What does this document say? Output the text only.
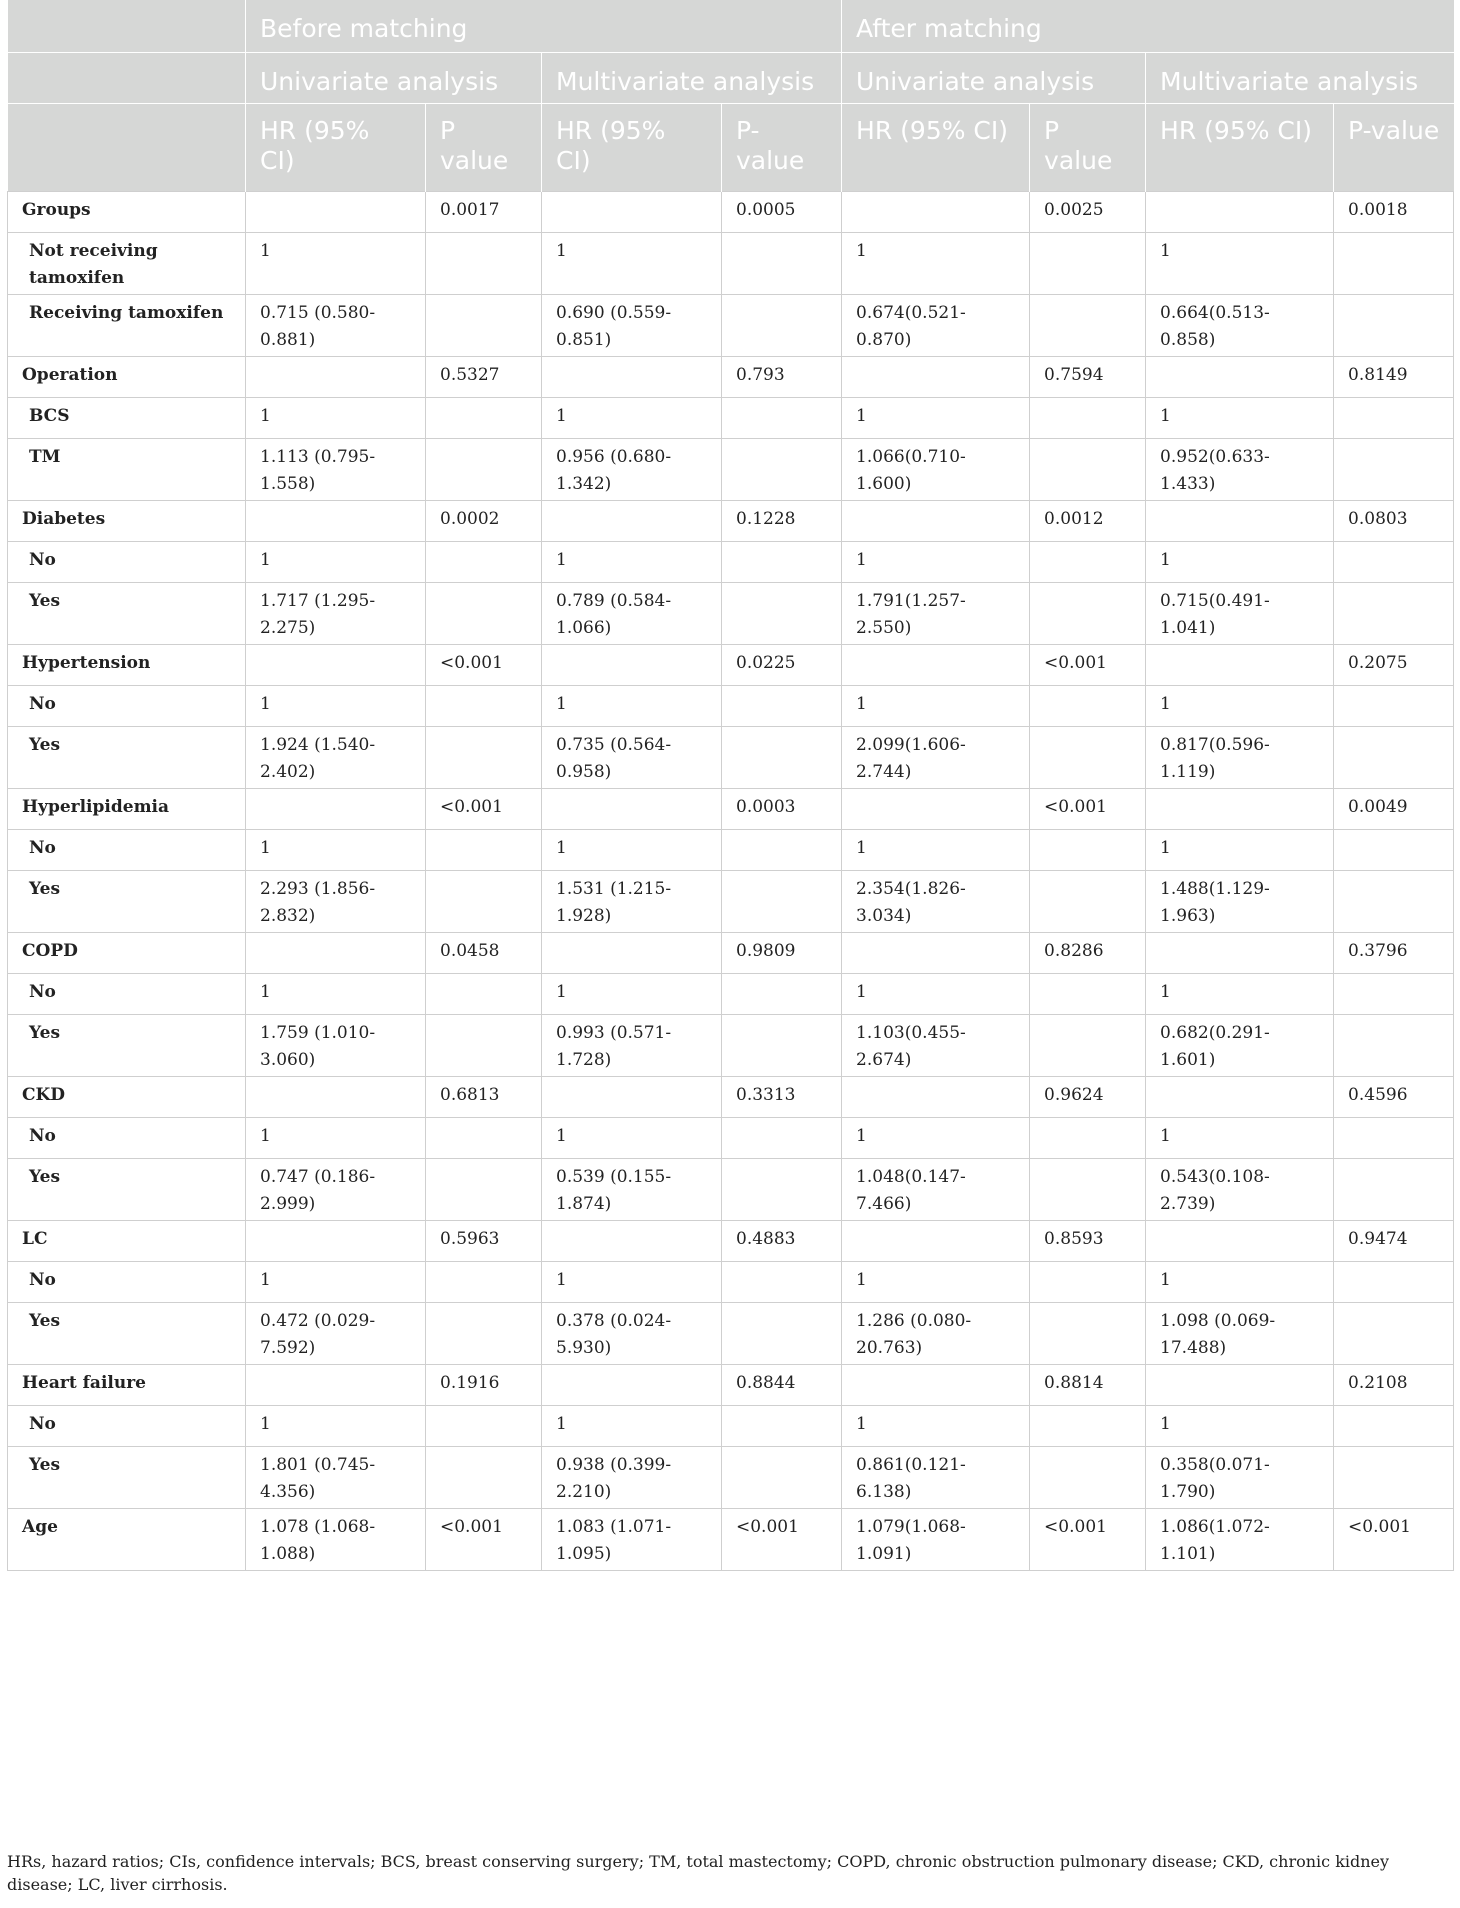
	Before matching				After matching			
	Univariate analysis		Multivariate analysis		Univariate analysis		Multivariate analysis	
	HR (95% CI)	P value	HR (95% CI)	P-value	HR (95% CI)	P value	HR (95% CI)	P-value
Groups		0.0017		0.0005		0.0025		0.0018
Not receiving tamoxifen	1		1		1		1	
Receiving tamoxifen	0.715 (0.580-0.881)		0.690 (0.559-0.851)		0.674(0.521-0.870)		0.664(0.513-0.858)	
Operation		0.5327		0.793		0.7594		0.8149
BCS	1		1		1		1	
TM	1.113 (0.795-1.558)		0.956 (0.680-1.342)		1.066(0.710-1.600)		0.952(0.633-1.433)	
Diabetes		0.0002		0.1228		0.0012		0.0803
No	1		1		1		1	
Yes	1.717 (1.295-2.275)		0.789 (0.584-1.066)		1.791(1.257-2.550)		0.715(0.491-1.041)	
Hypertension		<0.001		0.0225		<0.001		0.2075
No	1		1		1		1	
Yes	1.924 (1.540-2.402)		0.735 (0.564-0.958)		2.099(1.606-2.744)		0.817(0.596-1.119)	
Hyperlipidemia		<0.001		0.0003		<0.001		0.0049
No	1		1		1		1	
Yes	2.293 (1.856-2.832)		1.531 (1.215-1.928)		2.354(1.826-3.034)		1.488(1.129-1.963)	
COPD		0.0458		0.9809		0.8286		0.3796
No	1		1		1		1	
Yes	1.759 (1.010-3.060)		0.993 (0.571-1.728)		1.103(0.455-2.674)		0.682(0.291-1.601)	
CKD		0.6813		0.3313		0.9624		0.4596
No	1		1		1		1	
Yes	0.747 (0.186-2.999)		0.539 (0.155-1.874)		1.048(0.147-7.466)		0.543(0.108-2.739)	
LC		0.5963		0.4883		0.8593		0.9474
No	1		1		1		1	
Yes	0.472 (0.029-7.592)		0.378 (0.024-5.930)		1.286 (0.080-20.763)		1.098 (0.069-17.488)	
Heart failure		0.1916		0.8844		0.8814		0.2108
No	1		1		1		1	
Yes	1.801 (0.745-4.356)		0.938 (0.399-2.210)		0.861(0.121-6.138)		0.358(0.071-1.790)	
Age	1.078 (1.068-1.088)	<0.001	1.083 (1.071-1.095)	<0.001	1.079(1.068-1.091)	<0.001	1.086(1.072-1.101)	<0.001
HRs, hazard ratios; CIs, confidence intervals; BCS, breast conserving surgery; TM, total mastectomy; COPD, chronic obstruction pulmonary disease; CKD, chronic kidney disease; LC, liver cirrhosis.
